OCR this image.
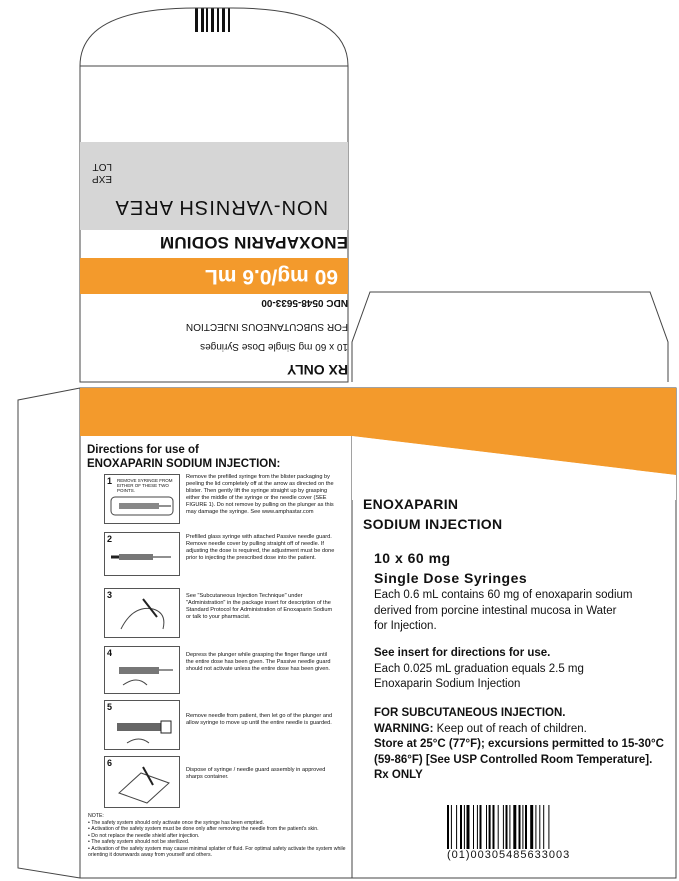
RX ONLY
10 x 60 mg Single Dose Syringes
FOR SUBCUTANEOUS INJECTION
NDC 0548-5633-00
60 mg/0.6 mL
ENOXAPARIN SODIUM
NON-VARNISH AREA
EXP
LOT
Directions for use of
ENOXAPARIN SODIUM INJECTION:
1 REMOVE SYRINGE FROM EITHER OF THESE TWO POINTS.
Remove the prefilled syringe from the blister packaging by peeling the lid completely off at the arrow as directed on the blister. Then gently lift the syringe straight up by grasping either the middle of the syringe or the needle cover (SEE FIGURE 1). Do not remove by pulling on the plunger as this may damage the syringe. See www.amphastar.com
2	Prefilled glass syringe with attached Passive needle guard. Remove needle cover by pulling straight off of needle. If adjusting the dose is required, the adjustment must be done prior to injecting the prescribed dose into the patient.
3	See "Subcutaneous Injection Technique" under "Administration" in the package insert for description of the Standard Protocol for Administration of Enoxaparin Sodium or talk to your pharmacist.
4	Depress the plunger while grasping the finger flange until the entire dose has been given. The Passive needle guard should not activate unless the entire dose has been given.
5
Remove needle from patient, then let go of the plunger and allow syringe to move up until the entire needle is guarded.
6
Dispose of syringe / needle guard assembly in approved sharps container.
NOTE:
• The safety system should only activate once the syringe has been emptied.
• Activation of the safety system must be done only after removing the needle from the patient's skin.
• Do not replace the needle shield after injection.
• The safety system should not be sterilized.
• Activation of the safety system may cause minimal splatter of fluid. For optimal safety activate the system while orienting it downwards away from yourself and others.
ENOXAPARIN
SODIUM INJECTION
10 x 60 mg
Single Dose Syringes
Each 0.6 mL contains 60 mg of enoxaparin sodium
derived from porcine intestinal mucosa in Water
for Injection.
See insert for directions for use.
Each 0.025 mL graduation equals 2.5 mg
Enoxaparin Sodium Injection
FOR SUBCUTANEOUS INJECTION.
WARNING: Keep out of reach of children.
Store at 25°C (77°F); excursions permitted to 15-30°C
(59-86°F) [See USP Controlled Room Temperature].
Rx ONLY
(01)00305485633003
